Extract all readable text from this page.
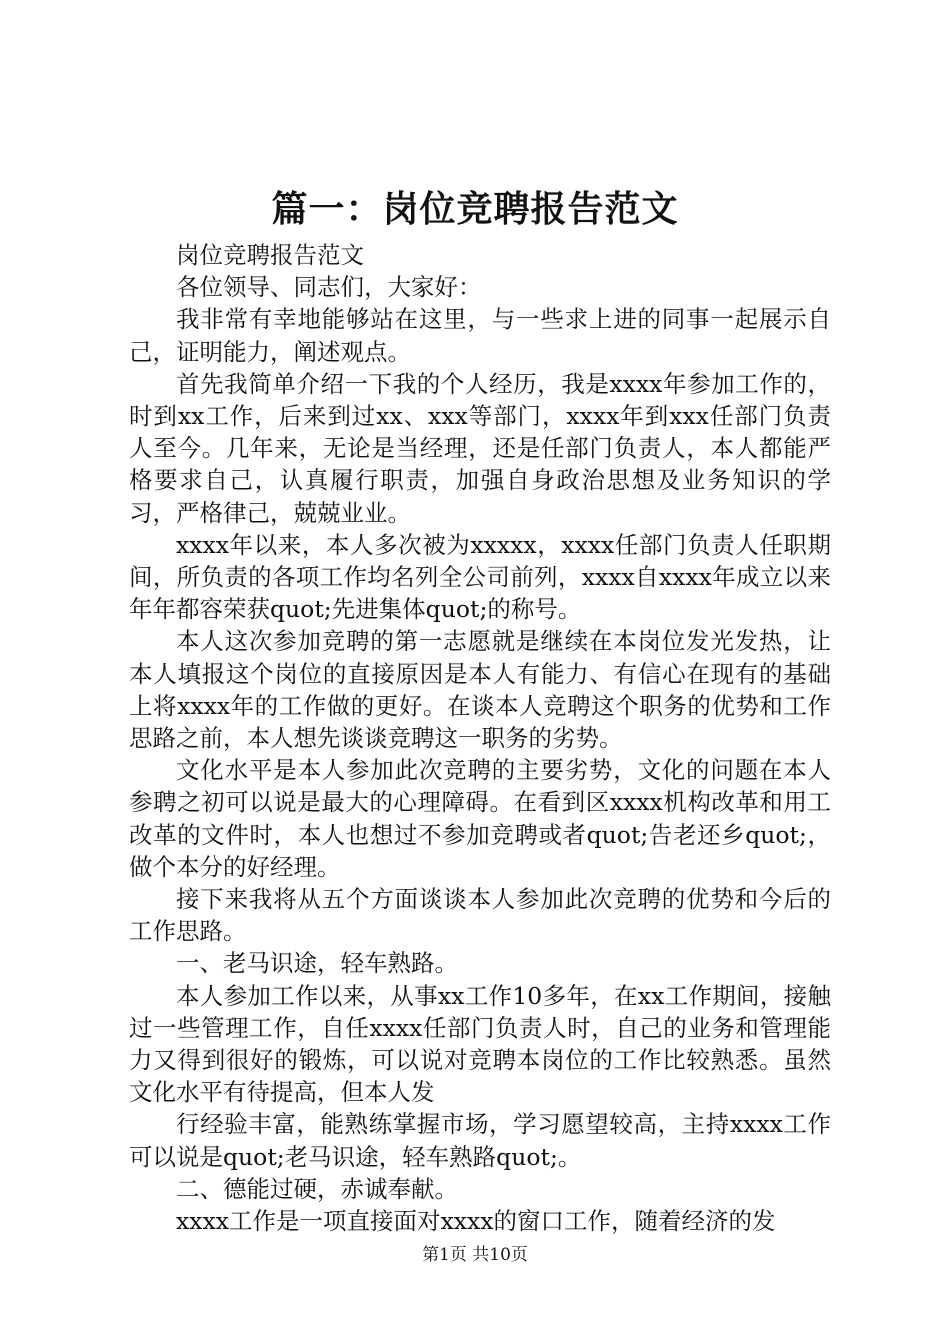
篇一：岗位竞聘报告范文

岗位竞聘报告范文

各位领导、同志们，大家好：

我非常有幸地能够站在这里，与一些求上进的同事一起展示自己，证明能力，阐述观点。

首先我简单介绍一下我的个人经历，我是xxxx年参加工作的，时到xx工作，后来到过xx、xxx等部门，xxxx年到xxx任部门负责人至今。几年来，无论是当经理，还是任部门负责人，本人都能严格要求自己，认真履行职责，加强自身政治思想及业务知识的学习，严格律己，兢兢业业。

xxxx年以来，本人多次被为xxxxx，xxxx任部门负责人任职期间，所负责的各项工作均名列全公司前列，xxxx自xxxx年成立以来年年都容荣获quot;先进集体quot;的称号。

本人这次参加竞聘的第一志愿就是继续在本岗位发光发热，让本人填报这个岗位的直接原因是本人有能力、有信心在现有的基础上将xxxx年的工作做的更好。在谈本人竞聘这个职务的优势和工作思路之前，本人想先谈谈竞聘这一职务的劣势。

文化水平是本人参加此次竞聘的主要劣势，文化的问题在本人参聘之初可以说是最大的心理障碍。在看到区xxxx机构改革和用工改革的文件时，本人也想过不参加竞聘或者quot;告老还乡quot;，做个本分的好经理。

接下来我将从五个方面谈谈本人参加此次竞聘的优势和今后的工作思路。

一、老马识途，轻车熟路。

本人参加工作以来，从事xx工作10多年，在xx工作期间，接触过一些管理工作，自任xxxx任部门负责人时，自己的业务和管理能力又得到很好的锻炼，可以说对竞聘本岗位的工作比较熟悉。虽然文化水平有待提高，但本人发

行经验丰富，能熟练掌握市场，学习愿望较高，主持xxxx工作可以说是quot;老马识途，轻车熟路quot;。

二、德能过硬，赤诚奉献。

xxxx工作是一项直接面对xxxx的窗口工作，随着经济的发

第1页 共10页
